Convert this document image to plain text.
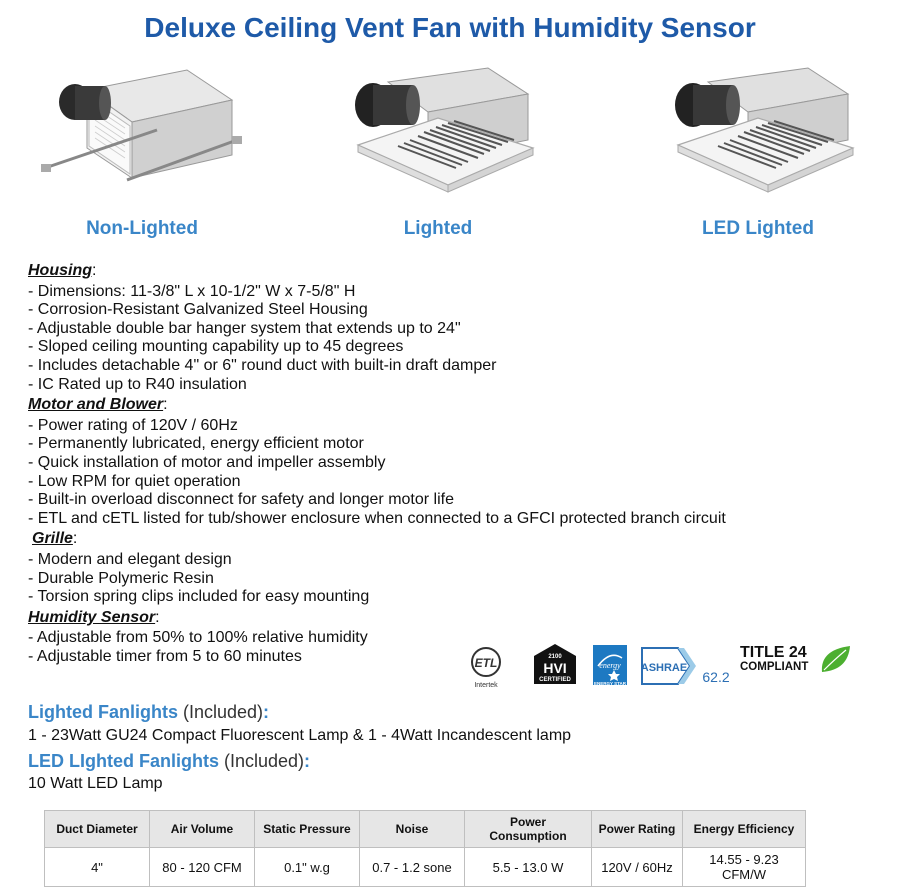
Deluxe Ceiling Vent Fan with Humidity Sensor
Non-Lighted	Lighted	LED Lighted
Housing:
- Dimensions: 11-3/8" L x 10-1/2" W x 7-5/8" H
- Corrosion-Resistant Galvanized Steel Housing
- Adjustable double bar hanger system that extends up to 24"
- Sloped ceiling mounting capability up to 45 degrees
- Includes detachable 4" or 6" round duct with built-in draft damper
- IC Rated up to R40 insulation
Motor and Blower:
- Power rating of 120V / 60Hz
- Permanently lubricated, energy efficient motor
- Quick installation of motor and impeller assembly
- Low RPM for quiet operation
- Built-in overload disconnect for safety and longer motor life
- ETL and cETL listed for tub/shower enclosure when connected to a GFCI protected branch circuit
Grille:
- Modern and elegant design
- Durable Polymeric Resin
- Torsion spring clips included for easy mounting
Humidity Sensor:
- Adjustable from 50% to 100% relative humidity
- Adjustable timer from 5 to 60 minutes	ETL
Intertek
2100
HVI
CERTIFIED
energy
ENERGY STAR
ASHRAE
62.2
TITLE 24
COMPLIANT
Lighted Fanlights (Included):
1 - 23Watt GU24 Compact Fluorescent Lamp & 1 - 4Watt Incandescent lamp
LED LIghted Fanlights (Included):
10 Watt LED Lamp
Duct Diameter	Air Volume	Static Pressure	Noise	Power Consumption	Power Rating	Energy Efficiency
4"	80 - 120 CFM	0.1" w.g	0.7 - 1.2 sone	5.5 - 13.0 W	120V / 60Hz	14.55 - 9.23 CFM/W
